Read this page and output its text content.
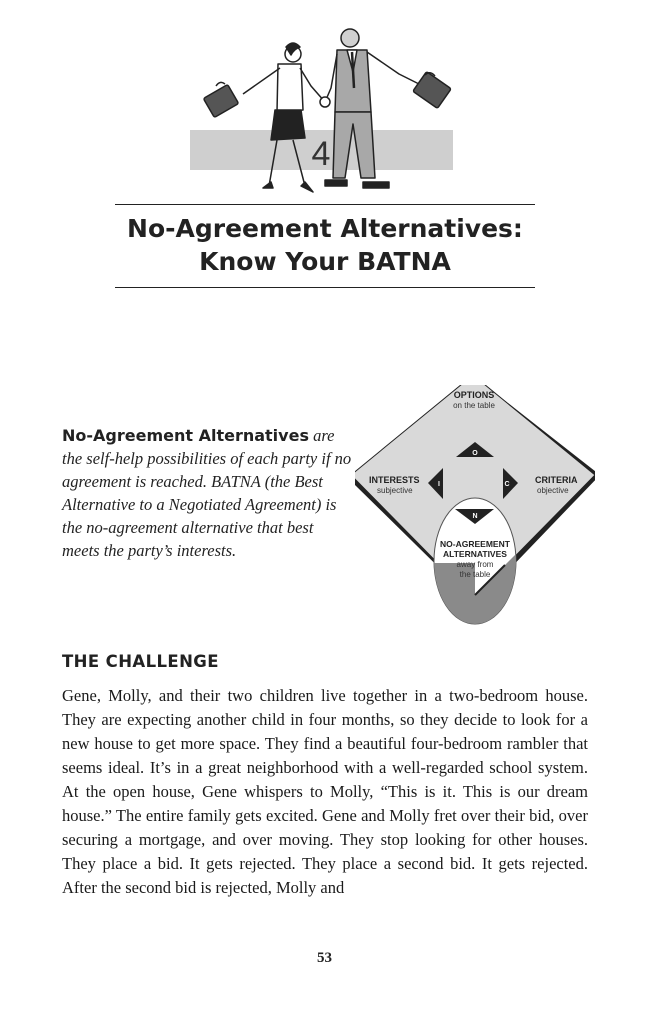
4
No-Agreement Alternatives:
Know Your BATNA
No-Agreement Alternatives are the self-help possibilities of each party if no agreement is reached. BATNA (the Best Alternative to a Negotiated Agreement) is the no-agreement alternative that best meets the party’s interests.
OPTIONS
on the table
O
INTERESTS
subjective
I	C	CRITERIA
objective
N
NO-AGREEMENT
ALTERNATIVES
away from
the table
THE CHALLENGE

Gene, Molly, and their two children live together in a two-bedroom house. They are expecting another child in four months, so they decide to look for a new house to get more space. They find a beautiful four-bedroom rambler that seems ideal. It’s in a great neighborhood with a well-regarded school system. At the open house, Gene whispers to Molly, “This is it. This is our dream house.” The entire family gets excited. Gene and Molly fret over their bid, over securing a mortgage, and over moving. They stop looking for other houses. They place a bid. It gets rejected. They place a second bid. It gets rejected. After the second bid is rejected, Molly and

53
